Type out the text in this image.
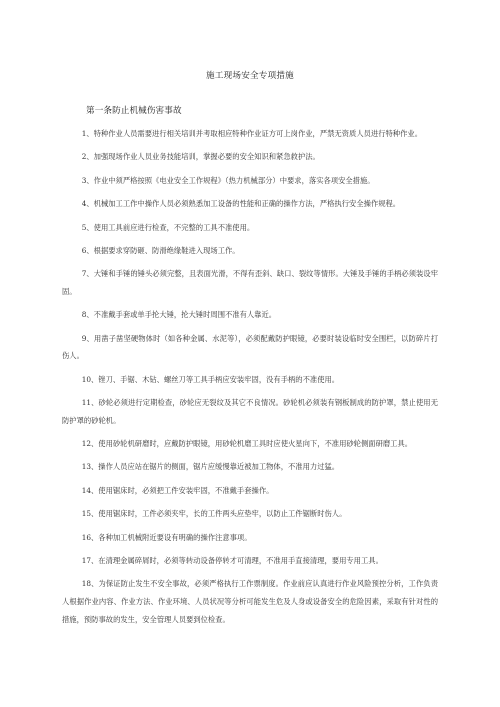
施工现场安全专项措施
第一条防止机械伤害事故

1、特种作业人员需要进行相关培训并考取相应特种作业证方可上岗作业，严禁无资质人员进行特种作业。

2、加强现场作业人员业务技能培训，掌握必要的安全知识和紧急救护法。

3、作业中须严格按照《电业安全工作规程》（热力机械部分）中要求，落实各项安全措施。

4、机械加工工作中操作人员必须熟悉加工设备的性能和正确的操作方法，严格执行安全操作规程。

5、使用工具前应进行检查，不完整的工具不准使用。

6、根据要求穿防砸、防滑绝缘鞋进入现场工作。

7、大锤和手锤的锤头必须完整，且表面光滑，不得有歪斜、缺口、裂纹等情形。大锤及手锤的手柄必须装设牢固。

8、不准戴手套或单手抡大锤，抡大锤时周围不准有人靠近。

9、用凿子凿坚硬物体时（如各种金属、水泥等），必须配戴防护眼镜，必要时装设临时安全围栏，以防碎片打伤人。

10、锉刀、手锯、木钻、螺丝刀等工具手柄应安装牢固，没有手柄的不准使用。

11、砂轮必须进行定期检查，砂轮应无裂纹及其它不良情况。砂轮机必须装有钢板制成的防护罩，禁止使用无防护罩的砂轮机。

12、使用砂轮机研磨时，应戴防护眼镜，用砂轮机磨工具时应使火星向下，不准用砂轮侧面研磨工具。

13、操作人员应站在锯片的侧面，锯片应缓慢靠近被加工物体，不准用力过猛。

14、使用锯床时，必须把工件安装牢固，不准戴手套操作。

15、使用锯床时，工件必须夹牢，长的工件两头应垫牢，以防止工件锯断时伤人。

16、各种加工机械附近要设有明确的操作注意事项。

17、在清理金属碎屑时，必须等转动设备停转才可清理，不准用手直接清理，要用专用工具。

18、为保证防止发生不安全事故，必须严格执行工作票制度。作业前应认真进行作业风险预控分析，工作负责人根据作业内容、作业方法、作业环境、人员状况等分析可能发生危及人身或设备安全的危险因素，采取有针对性的措施，预防事故的发生，安全管理人员要到位检查。
